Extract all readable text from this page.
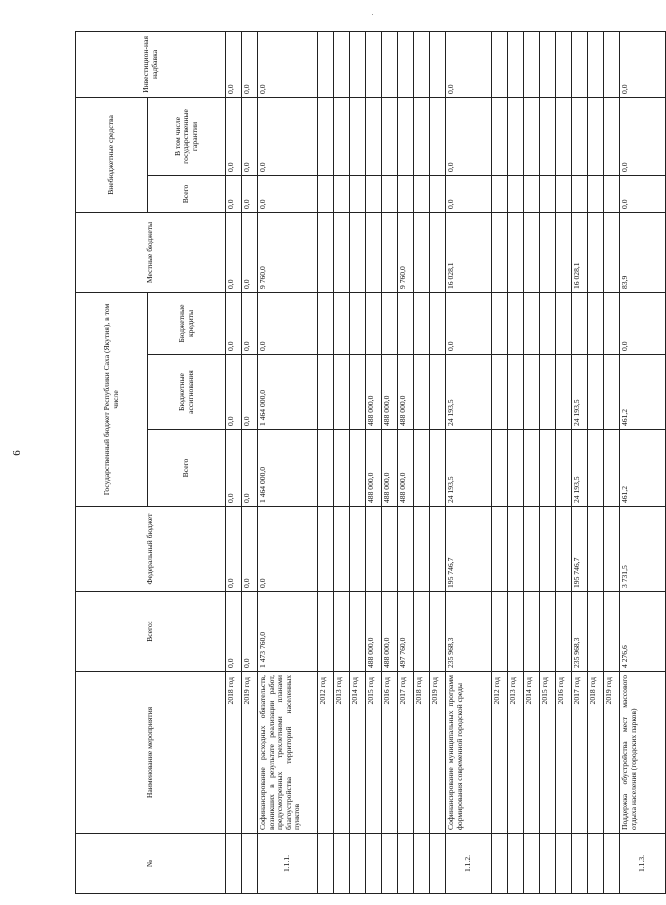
6
№	Наименование мероприятия	Всего:	Федеральный бюджет	Государственный бюджет Республики Саха (Якутия), в том числе			Местные бюджеты	Внебюджетные средства		Инвестицион-ная надбавка
				Всего	Бюджетные ассигнования	Бюджетные кредиты		Всего	В том числе государственные гарантии	
	2018 год	0,0	0,0	0,0	0,0	0,0	0,0	0,0	0,0	0,0
	2019 год	0,0	0,0	0,0	0,0	0,0	0,0	0,0	0,0	0,0
1.1.1.	Софинансирование расходных обязательств, возникших в результате реализации работ, предусмотренных трехлетними планами благоустройства территорий населенных пунктов	1 473 760,0	0,0	1 464 000,0	1 464 000,0	0,0	9 760,0	0,0	0,0	0,0
	2012 год									
	2013 год									
	2014 год									
	2015 год	488 000,0		488 000,0	488 000,0					
	2016 год	488 000,0		488 000,0	488 000,0					
	2017 год	497 760,0		488 000,0	488 000,0		9 760,0			
	2018 год									
	2019 год									
1.1.2.	Софинансирование муниципальных программ формирования современной городской среды	235 968,3	195 746,7	24 193,5	24 193,5	0,0	16 028,1	0,0	0,0	0,0
	2012 год									
	2013 год									
	2014 год									
	2015 год									
	2016 год									
	2017 год	235 968,3	195 746,7	24 193,5	24 193,5		16 028,1			
	2018 год									
	2019 год									
1.1.3.	Поддержка обустройства мест массового отдыха населения (городских парков)	4 276,6	3 731,5	461,2	461,2	0,0	83,9	0,0	0,0	0,0
